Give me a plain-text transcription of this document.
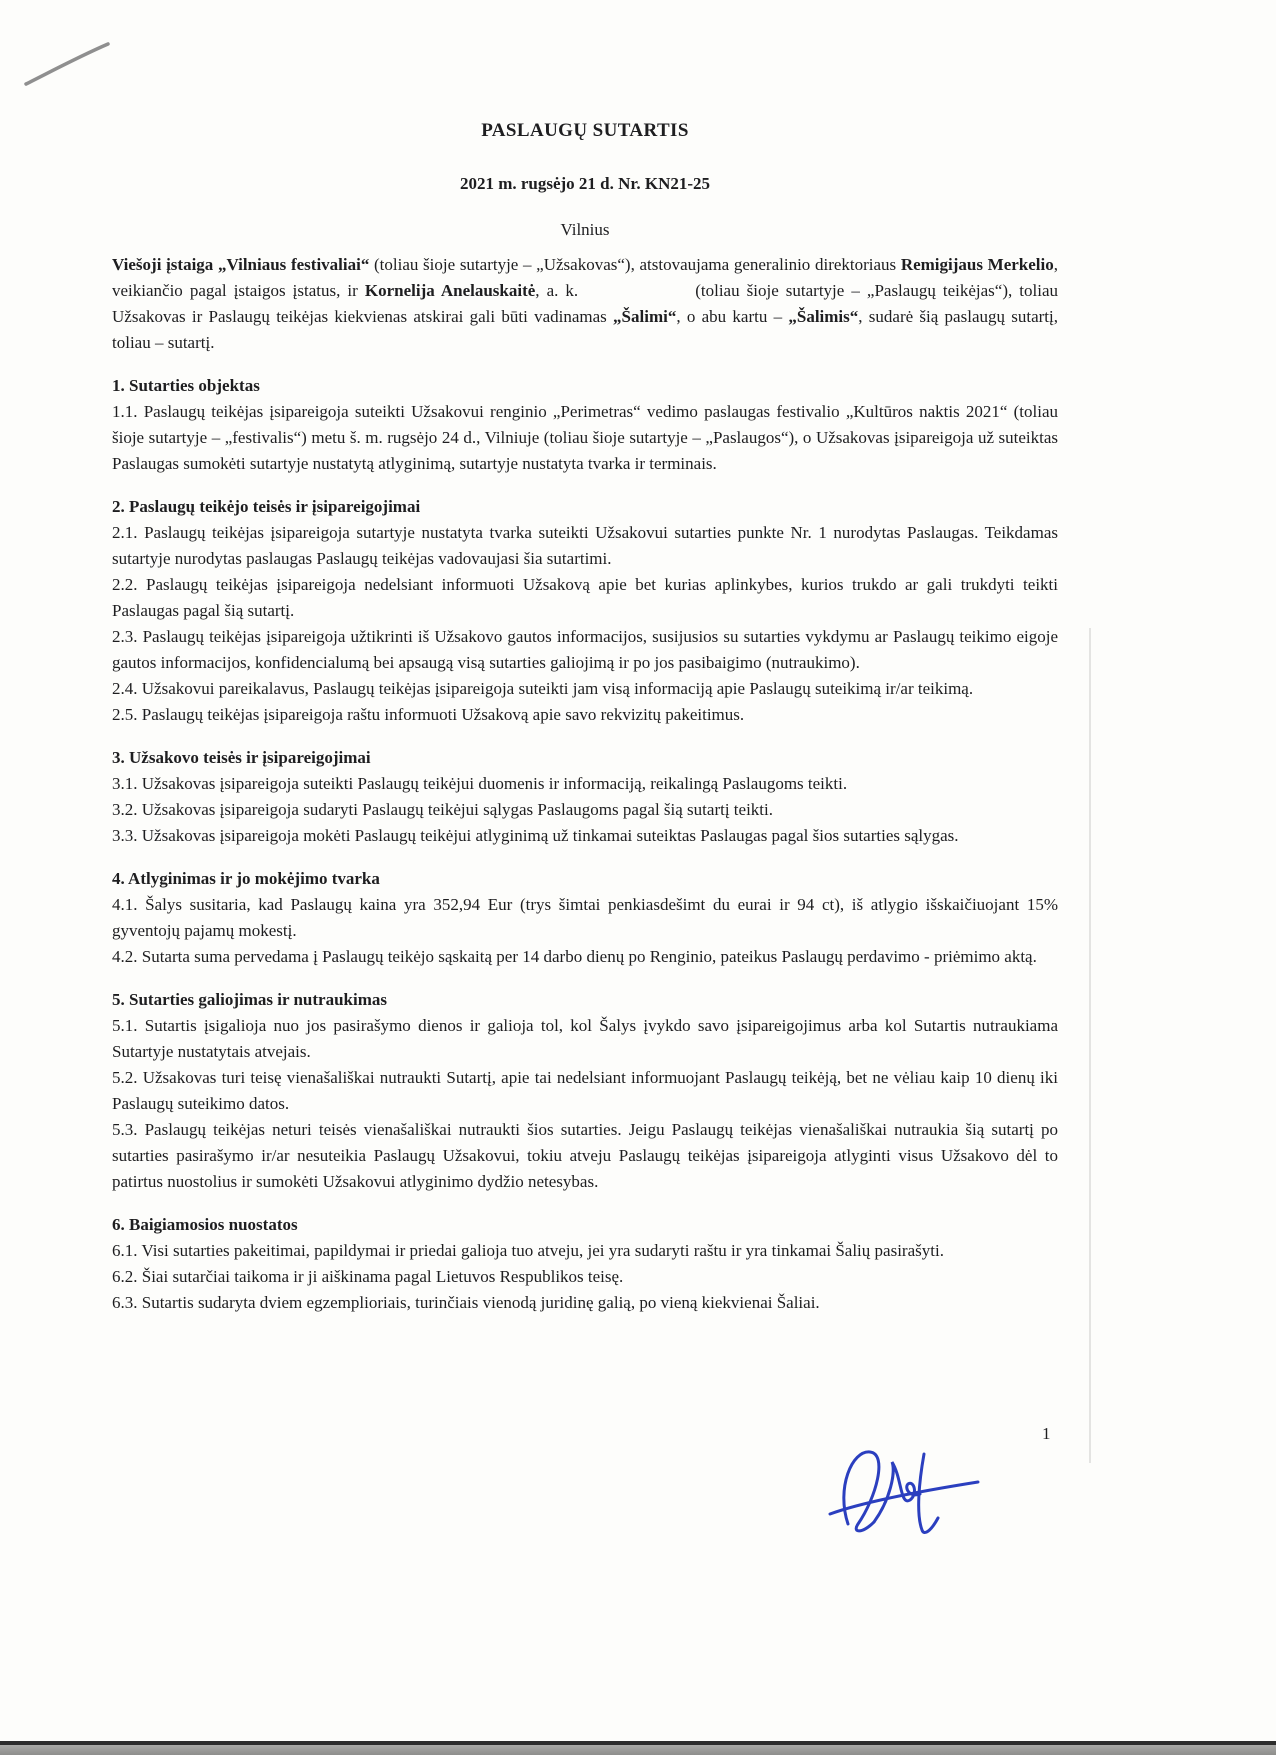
PASLAUGŲ SUTARTIS

2021 m. rugsėjo 21 d. Nr. KN21-25

Vilnius

Viešoji įstaiga „Vilniaus festivaliai“ (toliau šioje sutartyje – „Užsakovas“), atstovaujama generalinio direktoriaus Remigijaus Merkelio, veikiančio pagal įstaigos įstatus, ir Kornelija Anelauskaitė, a. k.	(toliau šioje sutartyje – „Paslaugų teikėjas“), toliau Užsakovas ir Paslaugų teikėjas kiekvienas atskirai gali būti vadinamas „Šalimi“, o abu kartu – „Šalimis“, sudarė šią paslaugų sutartį, toliau – sutartį.

1. Sutarties objektas

1.1. Paslaugų teikėjas įsipareigoja suteikti Užsakovui renginio „Perimetras“ vedimo paslaugas festivalio „Kultūros naktis 2021“ (toliau šioje sutartyje – „festivalis“) metu š. m. rugsėjo 24 d., Vilniuje (toliau šioje sutartyje – „Paslaugos“), o Užsakovas įsipareigoja už suteiktas Paslaugas sumokėti sutartyje nustatytą atlyginimą, sutartyje nustatyta tvarka ir terminais.

2. Paslaugų teikėjo teisės ir įsipareigojimai

2.1. Paslaugų teikėjas įsipareigoja sutartyje nustatyta tvarka suteikti Užsakovui sutarties punkte Nr. 1 nurodytas Paslaugas. Teikdamas sutartyje nurodytas paslaugas Paslaugų teikėjas vadovaujasi šia sutartimi.

2.2. Paslaugų teikėjas įsipareigoja nedelsiant informuoti Užsakovą apie bet kurias aplinkybes, kurios trukdo ar gali trukdyti teikti Paslaugas pagal šią sutartį.

2.3. Paslaugų teikėjas įsipareigoja užtikrinti iš Užsakovo gautos informacijos, susijusios su sutarties vykdymu ar Paslaugų teikimo eigoje gautos informacijos, konfidencialumą bei apsaugą visą sutarties galiojimą ir po jos pasibaigimo (nutraukimo).

2.4. Užsakovui pareikalavus, Paslaugų teikėjas įsipareigoja suteikti jam visą informaciją apie Paslaugų suteikimą ir/ar teikimą.

2.5. Paslaugų teikėjas įsipareigoja raštu informuoti Užsakovą apie savo rekvizitų pakeitimus.

3. Užsakovo teisės ir įsipareigojimai

3.1. Užsakovas įsipareigoja suteikti Paslaugų teikėjui duomenis ir informaciją, reikalingą Paslaugoms teikti.

3.2. Užsakovas įsipareigoja sudaryti Paslaugų teikėjui sąlygas Paslaugoms pagal šią sutartį teikti.

3.3. Užsakovas įsipareigoja mokėti Paslaugų teikėjui atlyginimą už tinkamai suteiktas Paslaugas pagal šios sutarties sąlygas.

4. Atlyginimas ir jo mokėjimo tvarka

4.1. Šalys susitaria, kad Paslaugų kaina yra 352,94 Eur (trys šimtai penkiasdešimt du eurai ir 94 ct), iš atlygio išskaičiuojant 15% gyventojų pajamų mokestį.

4.2. Sutarta suma pervedama į Paslaugų teikėjo sąskaitą per 14 darbo dienų po Renginio, pateikus Paslaugų perdavimo - priėmimo aktą.

5. Sutarties galiojimas ir nutraukimas

5.1. Sutartis įsigalioja nuo jos pasirašymo dienos ir galioja tol, kol Šalys įvykdo savo įsipareigojimus arba kol Sutartis nutraukiama Sutartyje nustatytais atvejais.

5.2. Užsakovas turi teisę vienašališkai nutraukti Sutartį, apie tai nedelsiant informuojant Paslaugų teikėją, bet ne vėliau kaip 10 dienų iki Paslaugų suteikimo datos.

5.3. Paslaugų teikėjas neturi teisės vienašališkai nutraukti šios sutarties. Jeigu Paslaugų teikėjas vienašališkai nutraukia šią sutartį po sutarties pasirašymo ir/ar nesuteikia Paslaugų Užsakovui, tokiu atveju Paslaugų teikėjas įsipareigoja atlyginti visus Užsakovo dėl to patirtus nuostolius ir sumokėti Užsakovui atlyginimo dydžio netesybas.

6. Baigiamosios nuostatos

6.1. Visi sutarties pakeitimai, papildymai ir priedai galioja tuo atveju, jei yra sudaryti raštu ir yra tinkamai Šalių pasirašyti.

6.2. Šiai sutarčiai taikoma ir ji aiškinama pagal Lietuvos Respublikos teisę.

6.3. Sutartis sudaryta dviem egzemplioriais, turinčiais vienodą juridinę galią, po vieną kiekvienai Šaliai.

1
